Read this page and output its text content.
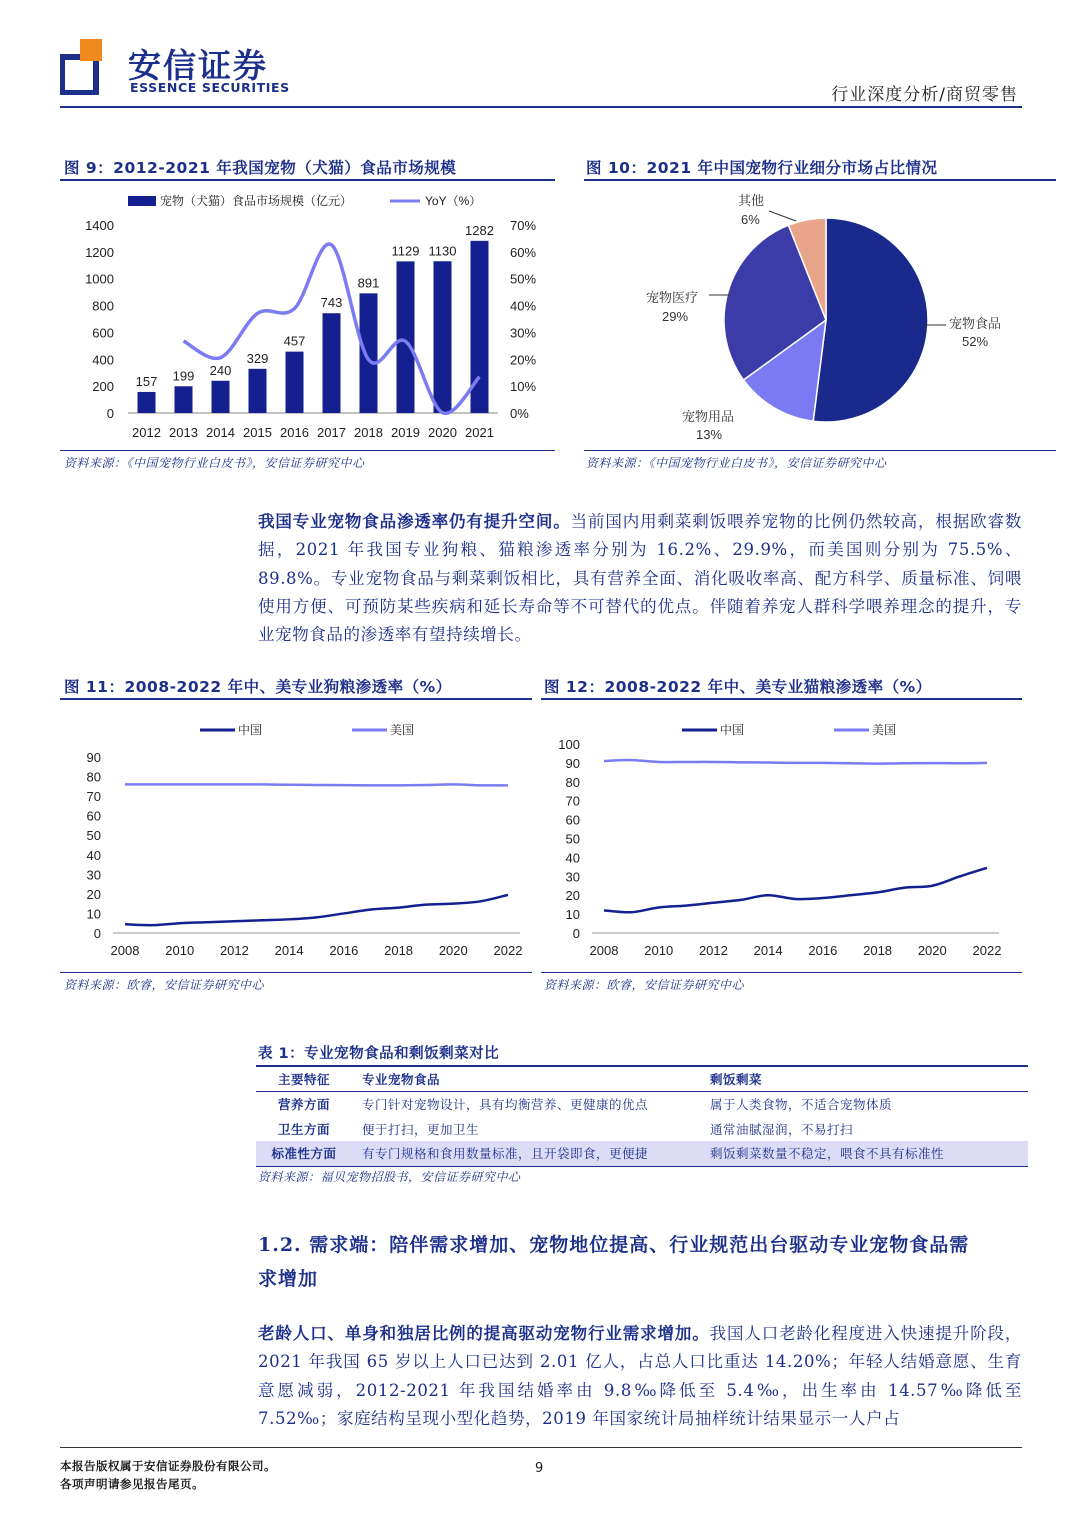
安信证券
ESSENCE SECURITIES	行业深度分析/商贸零售
图 9：2012-2021 年我国宠物（犬猫）食品市场规模
宠物（犬猫）食品市场规模（亿元）	YoY（%）
1400
1200
1000
800
600
400
200
0
70%
60%
50%
40%
30%
20%
10%
0%
157
2012
199
2013
240
2014
329
2015
457
2016
743
2017
891
2018
1129
2019
1130
2020
1282
2021
资料来源：《中国宠物行业白皮书》，安信证券研究中心
图 10：2021 年中国宠物行业细分市场占比情况
宠物食品
52%
宠物用品
13%
宠物医疗
29%
其他
6%
资料来源：《中国宠物行业白皮书》，安信证券研究中心
我国专业宠物食品渗透率仍有提升空间。当前国内用剩菜剩饭喂养宠物的比例仍然较高，根据欧睿数据，2021 年我国专业狗粮、猫粮渗透率分别为 16.2%、29.9%，而美国则分别为 75.5%、89.8%。专业宠物食品与剩菜剩饭相比，具有营养全面、消化吸收率高、配方科学、质量标准、饲喂使用方便、可预防某些疾病和延长寿命等不可替代的优点。伴随着养宠人群科学喂养理念的提升，专业宠物食品的渗透率有望持续增长。
图 11：2008-2022 年中、美专业狗粮渗透率（%）
中国	美国
90
80
70
60
50
40
30
20
10
0
2008 2010 2012 2014 2016 2018 2020 2022
资料来源：欧睿，安信证券研究中心
图 12：2008-2022 年中、美专业猫粮渗透率（%）
中国	美国
100
90
80
70
60
50
40
30
20
10
0
2008 2010 2012 2014 2016 2018 2020 2022
资料来源：欧睿，安信证券研究中心
表 1：专业宠物食品和剩饭剩菜对比
主要特征	专业宠物食品	剩饭剩菜
营养方面	专门针对宠物设计，具有均衡营养、更健康的优点	属于人类食物，不适合宠物体质
卫生方面	便于打扫，更加卫生	通常油腻湿润，不易打扫
标准性方面	有专门规格和食用数量标准，且开袋即食，更便捷	剩饭剩菜数量不稳定，喂食不具有标准性
资料来源：福贝宠物招股书，安信证券研究中心
1.2. 需求端：陪伴需求增加、宠物地位提高、行业规范出台驱动专业宠物食品需
求增加
老龄人口、单身和独居比例的提高驱动宠物行业需求增加。我国人口老龄化程度进入快速提升阶段，2021 年我国 65 岁以上人口已达到 2.01 亿人，占总人口比重达 14.20%；年轻人结婚意愿、生育意愿减弱，2012-2021 年我国结婚率由 9.8‰降低至 5.4‰，出生率由 14.57‰降低至 7.52‰；家庭结构呈现小型化趋势，2019 年国家统计局抽样统计结果显示一人户占
本报告版权属于安信证券股份有限公司。
各项声明请参见报告尾页。
9
